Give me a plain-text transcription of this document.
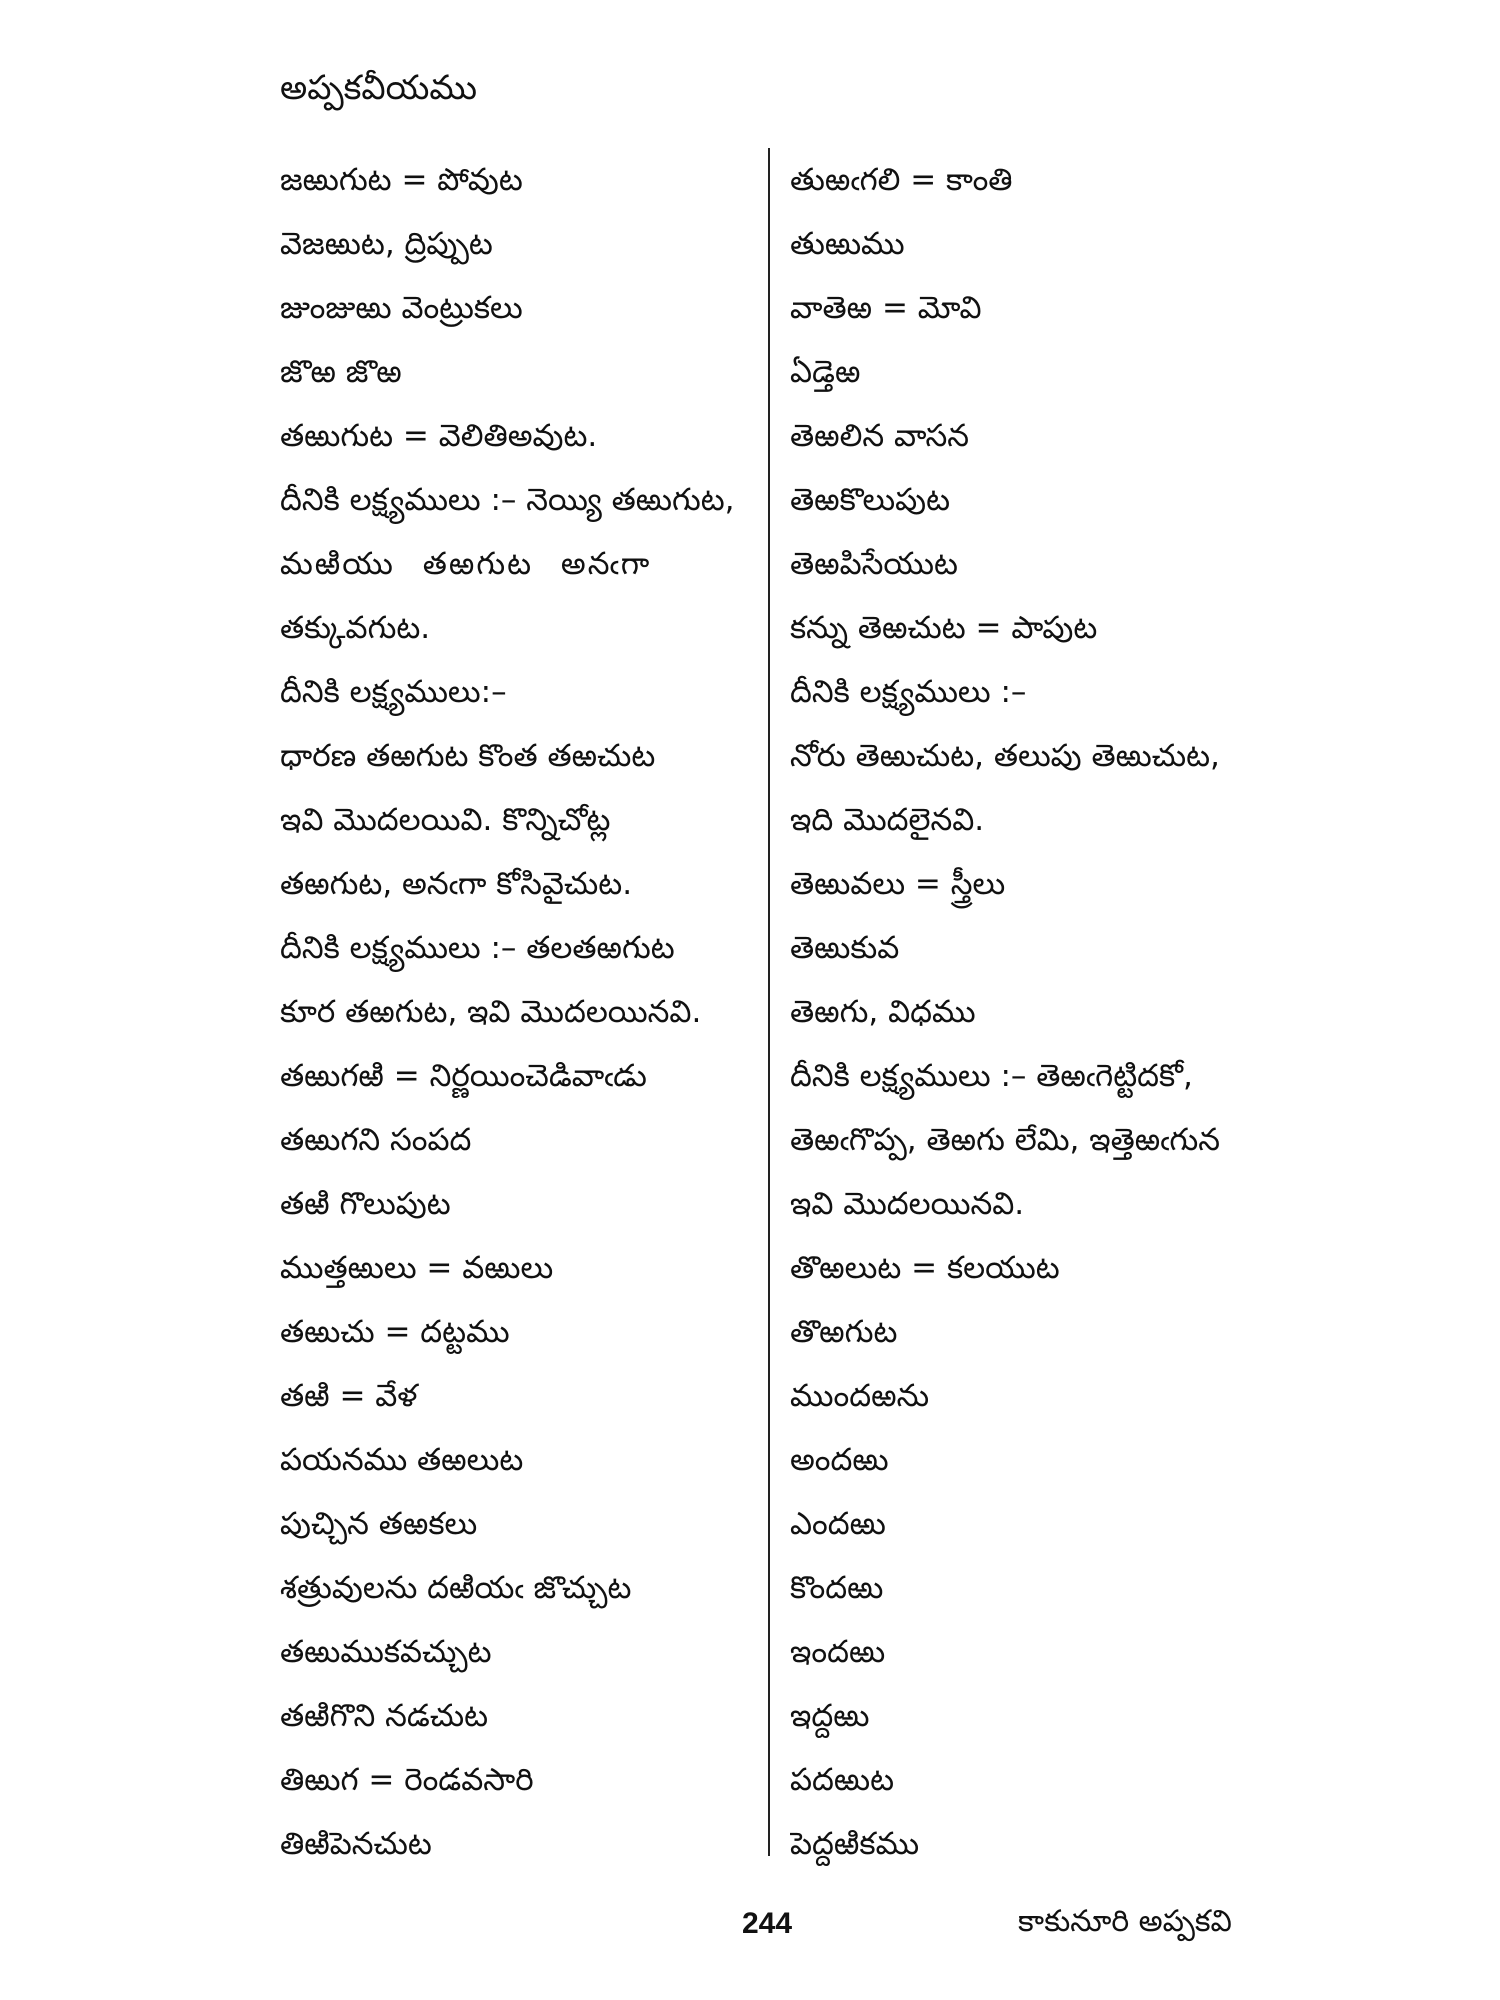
అప్పకవీయము
జఱుగుట = పోవుట
వెజఱుట, ద్రిప్పుట
జుంజుఱు వెంట్రుకలు
జొఱ జొఱ
తఱుగుట = వెలితిఅవుట.
దీనికి లక్ష్యములు :– నెయ్యి తఱుగుట,
మఱియు తఱగుట అనఁగా
తక్కువగుట.
దీనికి లక్ష్యములు:–
ధారణ తఱగుట కొంత తఱచుట
ఇవి మొదలయివి. కొన్నిచోట్ల
తఱగుట, అనఁగా కోసివైచుట.
దీనికి లక్ష్యములు :– తలతఱగుట
కూర తఱగుట, ఇవి మొదలయినవి.
తఱుగఱి = నిర్ణయించెడివాఁడు
తఱుగని సంపద
తఱి గొలుపుట
ముత్తఱులు = వఱులు
తఱుచు = దట్టము
తఱి = వేళ
పయనము తఱలుట
పుచ్చిన తఱకలు
శత్రువులను దఱియఁ జొచ్చుట
తఱుముకవచ్చుట
తఱిగొని నడచుట
తిఱుగ = రెండవసారి
తిఱిపెనచుట
తుఱఁగలి = కాంతి
తుఱుము
వాతెఱ = మోవి
ఏడ్తెఱ
తెఱలిన వాసన
తెఱకొలుపుట
తెఱపిసేయుట
కన్ను తెఱచుట = పాపుట
దీనికి లక్ష్యములు :–
నోరు తెఱుచుట, తలుపు తెఱుచుట,
ఇది మొదలైనవి.
తెఱువలు = స్త్రీలు
తెఱుకువ
తెఱగు, విధము
దీనికి లక్ష్యములు :– తెఱఁగెట్టిదకో,
తెఱఁగొప్ప, తెఱగు లేమి, ఇత్తెఱఁగున
ఇవి మొదలయినవి.
తొఱలుట = కలయుట
తొఱగుట
ముందఱను
అందఱు
ఎందఱు
కొందఱు
ఇందఱు
ఇద్దఱు
పదఱుట
పెద్దఱికము
244	కాకునూరి అప్పకవి
